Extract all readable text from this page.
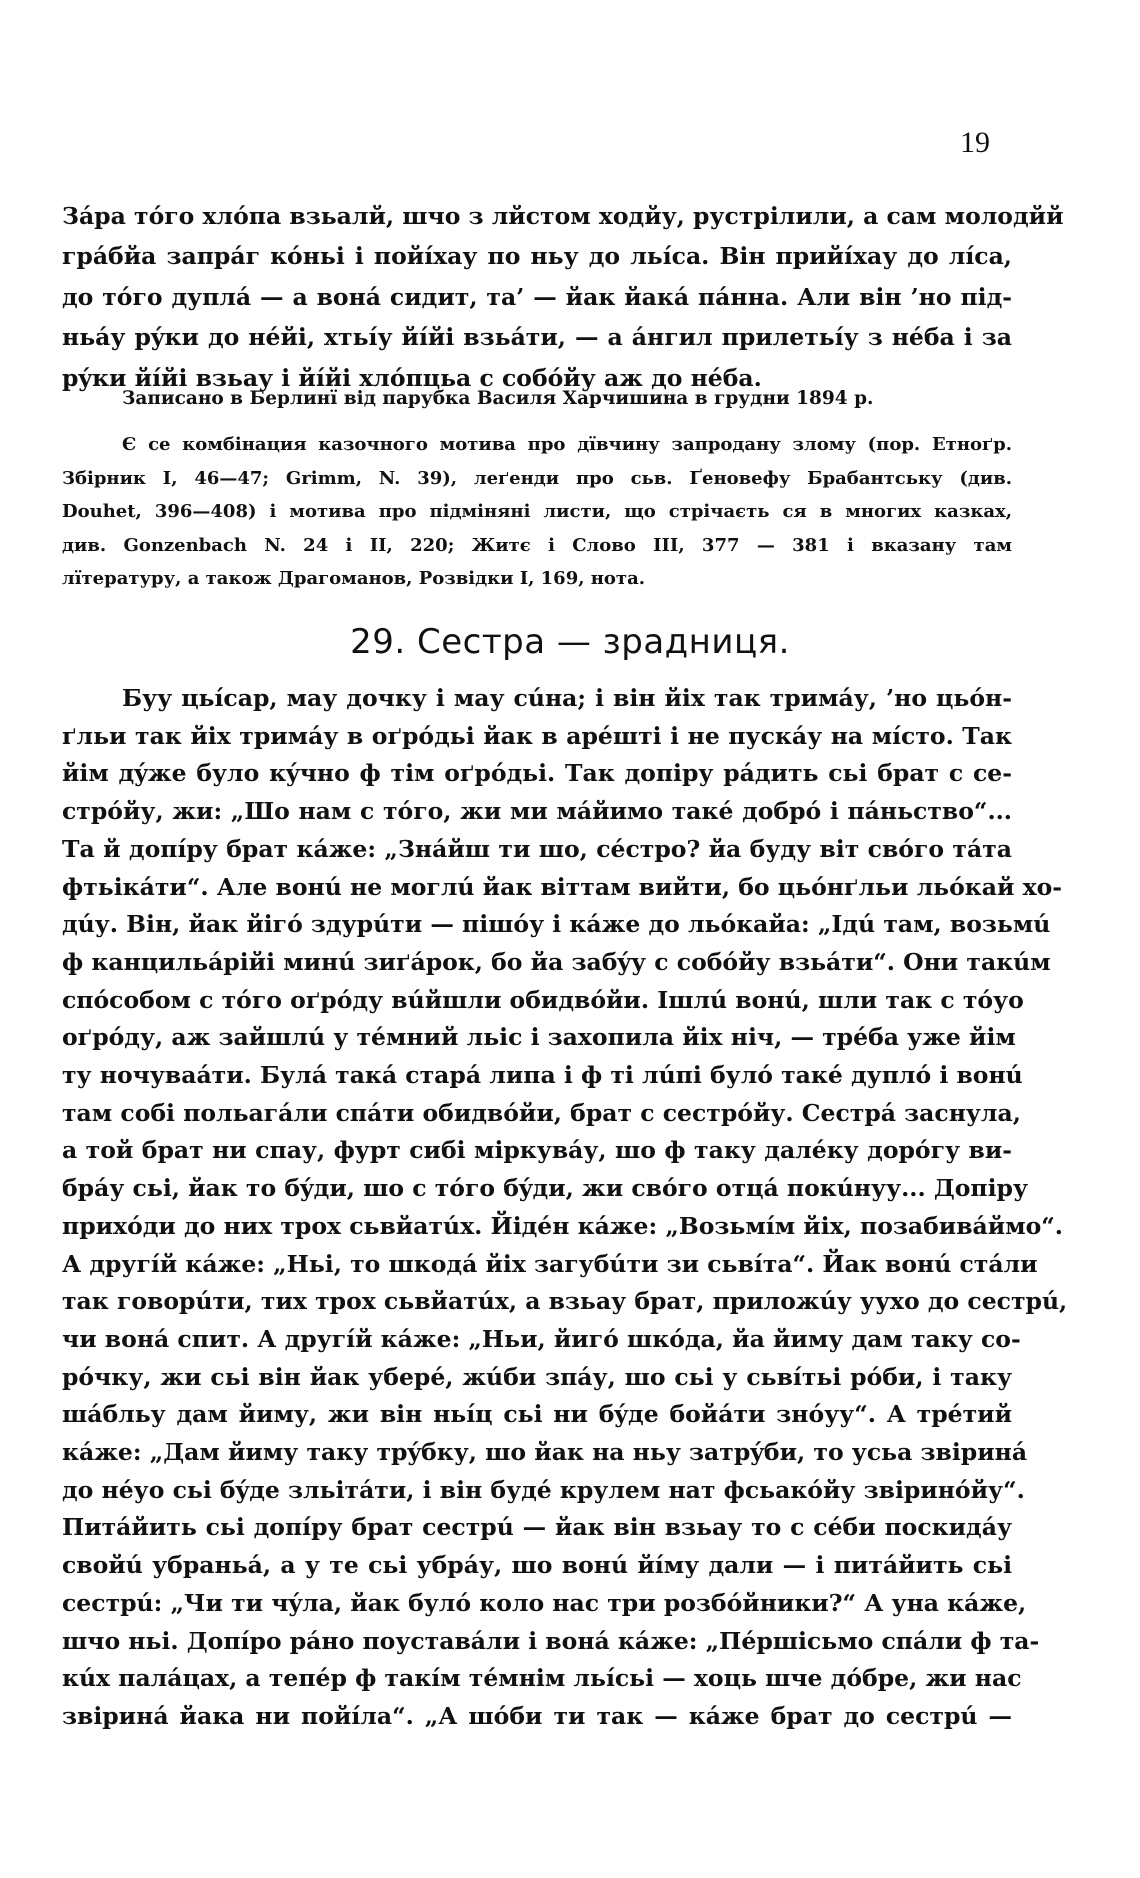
19
Зáра тóго хлóпа взьалй, шчо з лйстом ходйу, рустрілили, а сам молодйй
грáбйа запрáг кóньі і пойíхау по ньу до льíса. Він прийíхау до лíса,
до тóго дуплá — а вонá сидит, та’ — йак йакá пáнна. Али він ’но під-
ньáу рýки до нéйі, хтьíу йíйі взьáти, — а áнгил прилетьíу з нéба і за
рýки йíйі взьау і йíйі хлóпцьа с собóйу аж до нéба.
Записано в Берлинї від парубка Василя Харчишина в грудни 1894 р.
Є се комбінация казочного мотива про дївчину запродану злому (пор. Етноґр.
Збірник І, 46—47; Grimm, N. 39), леґенди про сьв. Ґеновефу Брабантську (див.
Douhet, 396—408) і мотива про підміняні листи, що стрічаєть ся в многих казках,
див. Gonzenbach N. 24 і II, 220; Житє і Слово III, 377 — 381 і вказану там
лїтературу, а також Драгоманов, Розвідки I, 169, нота.
29. Сестра — зрадниця.
Буу цьíсар, мау дочку і мау сúна; і він йіх так тримáу, ’но цьóн-
ґльи так йіх тримáу в оґрóдьі йак в арéшті і не пускáу на мíсто. Так
йім дýже було кýчно ф тім оґрóдьі. Так допіру рáдить сьі брат с се-
стрóйу, жи: „Шо нам с тóго, жи ми мáйимо такé добрó і пáньство“...
Та й допíру брат кáже: „Знáйш ти шо, сéстро? йа буду віт свóго тáта
фтьікáти“. Але вонú не моглú йак віттам вийти, бо цьóнґльи льóкай хо-
дúу. Він, йак йігó здурúти — пішóу і кáже до льóкайа: „Ідú там, возьмú
ф канцильáрійі минú зиґáрок, бо йа забýу с собóйу взьáти“. Они такúм
спóсобом с тóго оґрóду вúйшли обидвóйи. Ішлú вонú, шли так с тóуо
оґрóду, аж зайшлú у тéмний льіс і захопила йіх ніч, — трéба уже йім
ту ночуваáти. Булá такá старá липа і ф ті лúпі булó такé дуплó і вонú
там собі польагáли спáти обидвóйи, брат с сестрóйу. Сестрá заснула,
а той брат ни спау, фурт сибі міркувáу, шо ф таку далéку дорóгу ви-
брáу сьі, йак то бýди, шо с тóго бýди, жи свóго отцá покúнуу... Допіру
прихóди до них трох сьвйатúх. Йідéн кáже: „Возьмíм йіх, позабивáймо“.
А другíй кáже: „Ньі, то шкодá йіх загубúти зи сьвíта“. Йак вонú стáли
так говорúти, тих трох сьвйатúх, а взьау брат, приложúу уухо до сестрú,
чи вонá спит. А другíй кáже: „Ньи, йигó шкóда, йа йиму дам таку со-
рóчку, жи сьі він йак уберé, жúби зпáу, шо сьі у сьвíтьі рóби, і таку
шáбльу дам йиму, жи він ньíц сьі ни бýде бойáти знóуу“. А трéтий
кáже: „Дам йиму таку трýбку, шо йак на ньу затрýби, то усьа звіринá
до нéуо сьі бýде зльітáти, і він будé крулем нат фсьакóйу звіринóйу“.
Питáйить сьі допíру брат сестрú — йак він взьау то с сéби поскидáу
свойú убраньá, а у те сьі убрáу, шо вонú йíму дали — і питáйить сьі
сестрú: „Чи ти чýла, йак булó коло нас три розбóйники?“ А уна кáже,
шчо ньі. Допíро рáно поуставáли і вонá кáже: „Пéршісьмо спáли ф та-
кúх палáцах, а тепéр ф такíм тéмнім льíсьі — хоць шче дóбре, жи нас
звіринá йака ни пойíла“. „А шóби ти так — кáже брат до сестрú —
